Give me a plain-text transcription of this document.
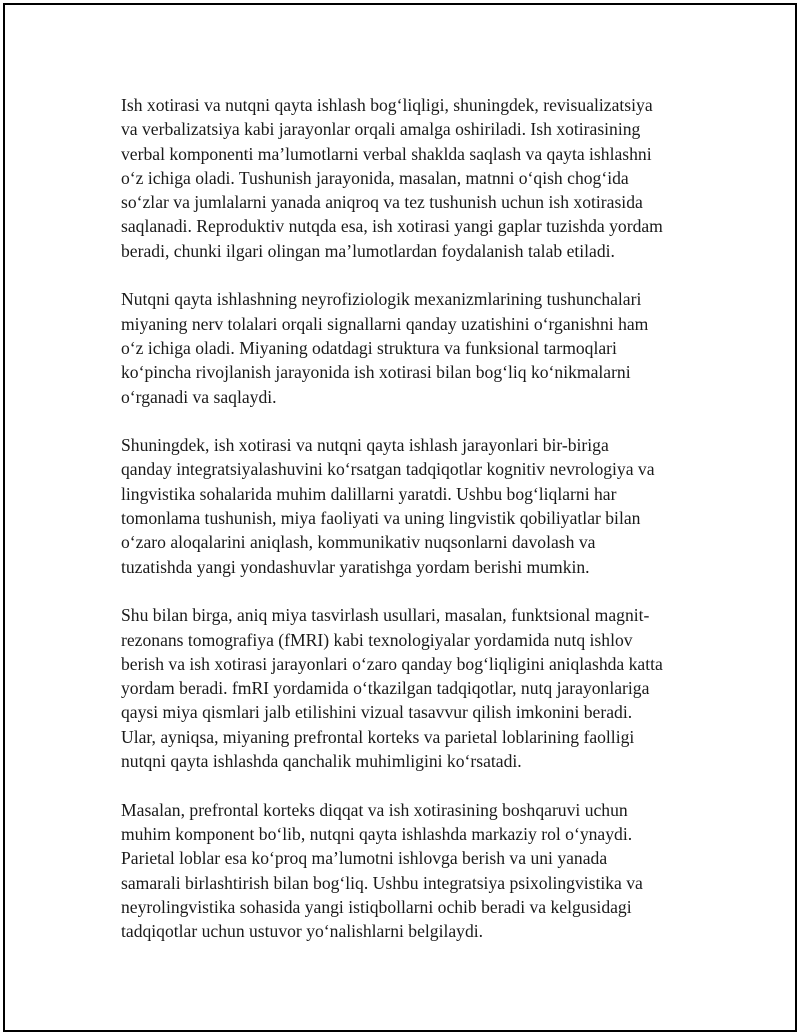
Ish xotirasi va nutqni qayta ishlash bog‘liqligi, shuningdek, revisualizatsiya
va verbalizatsiya kabi jarayonlar orqali amalga oshiriladi. Ish xotirasining
verbal komponenti ma’lumotlarni verbal shaklda saqlash va qayta ishlashni
o‘z ichiga oladi. Tushunish jarayonida, masalan, matnni o‘qish chog‘ida
so‘zlar va jumlalarni yanada aniqroq va tez tushunish uchun ish xotirasida
saqlanadi. Reproduktiv nutqda esa, ish xotirasi yangi gaplar tuzishda yordam
beradi, chunki ilgari olingan ma’lumotlardan foydalanish talab etiladi.

Nutqni qayta ishlashning neyrofiziologik mexanizmlarining tushunchalari
miyaning nerv tolalari orqali signallarni qanday uzatishini o‘rganishni ham
o‘z ichiga oladi. Miyaning odatdagi struktura va funksional tarmoqlari
ko‘pincha rivojlanish jarayonida ish xotirasi bilan bog‘liq ko‘nikmalarni
o‘rganadi va saqlaydi.

Shuningdek, ish xotirasi va nutqni qayta ishlash jarayonlari bir-biriga
qanday integratsiyalashuvini ko‘rsatgan tadqiqotlar kognitiv nevrologiya va
lingvistika sohalarida muhim dalillarni yaratdi. Ushbu bog‘liqlarni har
tomonlama tushunish, miya faoliyati va uning lingvistik qobiliyatlar bilan
o‘zaro aloqalarini aniqlash, kommunikativ nuqsonlarni davolash va
tuzatishda yangi yondashuvlar yaratishga yordam berishi mumkin.

Shu bilan birga, aniq miya tasvirlash usullari, masalan, funktsional magnit-
rezonans tomografiya (fMRI) kabi texnologiyalar yordamida nutq ishlov
berish va ish xotirasi jarayonlari o‘zaro qanday bog‘liqligini aniqlashda katta
yordam beradi. fmRI yordamida o‘tkazilgan tadqiqotlar, nutq jarayonlariga
qaysi miya qismlari jalb etilishini vizual tasavvur qilish imkonini beradi.
Ular, ayniqsa, miyaning prefrontal korteks va parietal loblarining faolligi
nutqni qayta ishlashda qanchalik muhimligini ko‘rsatadi.

Masalan, prefrontal korteks diqqat va ish xotirasining boshqaruvi uchun
muhim komponent bo‘lib, nutqni qayta ishlashda markaziy rol o‘ynaydi.
Parietal loblar esa ko‘proq ma’lumotni ishlovga berish va uni yanada
samarali birlashtirish bilan bog‘liq. Ushbu integratsiya psixolingvistika va
neyrolingvistika sohasida yangi istiqbollarni ochib beradi va kelgusidagi
tadqiqotlar uchun ustuvor yo‘nalishlarni belgilaydi.
